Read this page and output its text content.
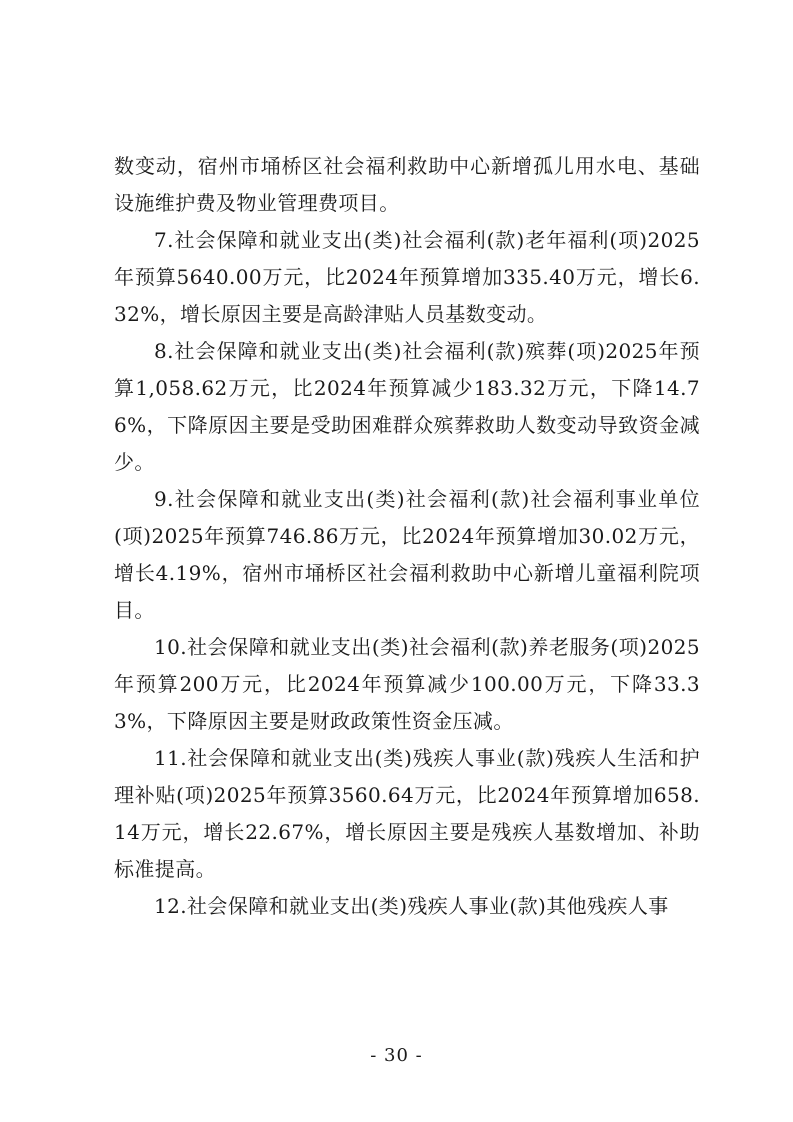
数变动，宿州市埇桥区社会福利救助中心新增孤儿用水电、基础设施维护费及物业管理费项目。

7.社会保障和就业支出(类)社会福利(款)老年福利(项)2025年预算5640.00万元，比2024年预算增加335.40万元，增长6.32%，增长原因主要是高龄津贴人员基数变动。

8.社会保障和就业支出(类)社会福利(款)殡葬(项)2025年预算1,058.62万元，比2024年预算减少183.32万元，下降14.76%，下降原因主要是受助困难群众殡葬救助人数变动导致资金减少。

9.社会保障和就业支出(类)社会福利(款)社会福利事业单位(项)2025年预算746.86万元，比2024年预算增加30.02万元，增长4.19%，宿州市埇桥区社会福利救助中心新增儿童福利院项目。

10.社会保障和就业支出(类)社会福利(款)养老服务(项)2025年预算200万元，比2024年预算减少100.00万元，下降33.33%，下降原因主要是财政政策性资金压减。

11.社会保障和就业支出(类)残疾人事业(款)残疾人生活和护理补贴(项)2025年预算3560.64万元，比2024年预算增加658.14万元，增长22.67%，增长原因主要是残疾人基数增加、补助标准提高。

12.社会保障和就业支出(类)残疾人事业(款)其他残疾人事

- 30 -
